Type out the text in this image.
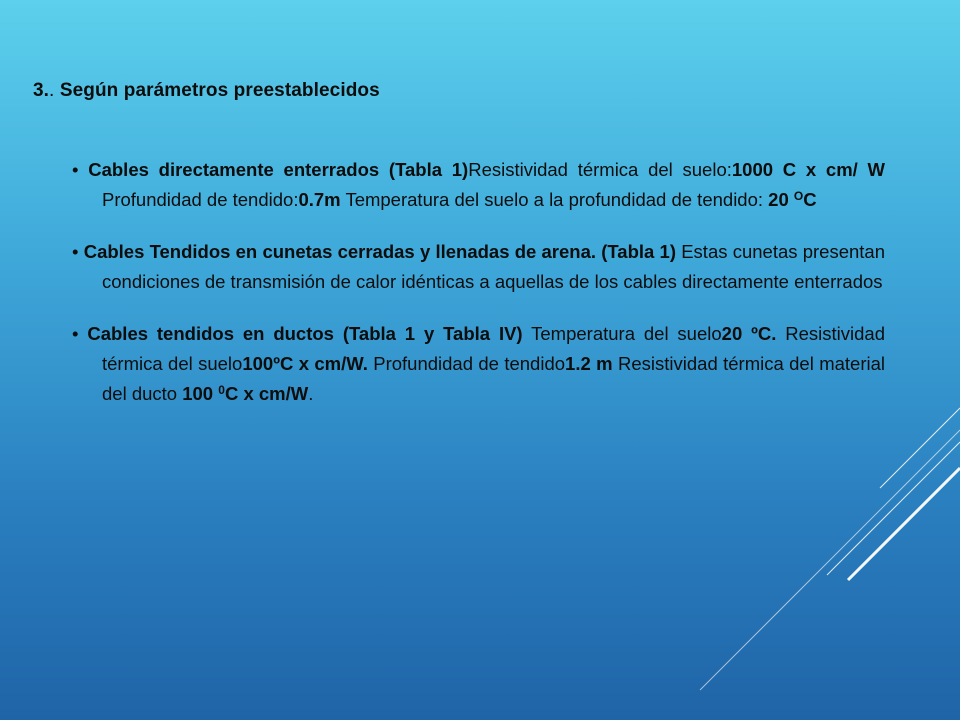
3.. Según parámetros preestablecidos
• Cables directamente enterrados (Tabla 1)Resistividad térmica del suelo:1000 C x cm/ W Profundidad de tendido:0.7m Temperatura del suelo a la profundidad de tendido: 20 $^O$C
• Cables Tendidos en cunetas cerradas y llenadas de arena. (Tabla 1) Estas cunetas presentan condiciones de transmisión de calor idénticas a aquellas de los cables directamente enterrados
• Cables tendidos en ductos (Tabla 1 y Tabla IV) Temperatura del suelo20 ºC. Resistividad térmica del suelo100ºC x cm/W. Profundidad de tendido1.2 m Resistividad térmica del material del ducto 100 $^0$C x cm/W.
